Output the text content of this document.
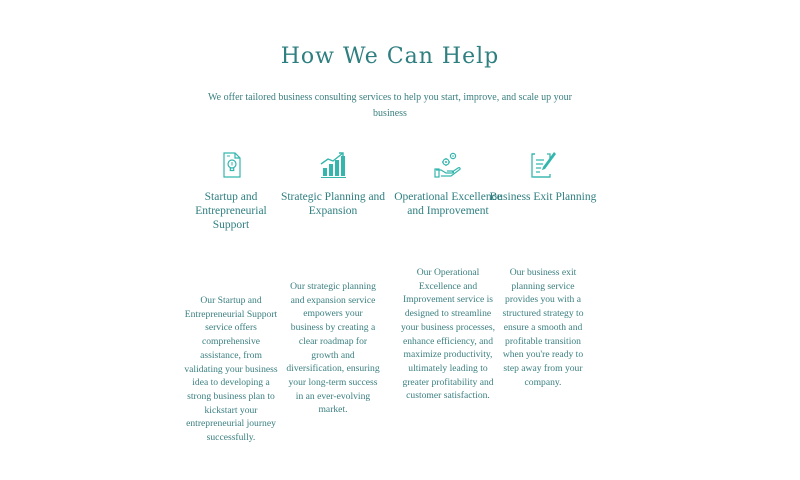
How We Can Help

We offer tailored business consulting services to help you start, improve, and scale up your business

Startup and Entrepreneurial Support
Our Startup and Entrepreneurial Support service offers comprehensive assistance, from validating your business idea to developing a strong business plan to kickstart your entrepreneurial journey successfully.
Strategic Planning and Expansion
Our strategic planning and expansion service empowers your business by creating a clear roadmap for growth and diversification, ensuring your long-term success in an ever-evolving market.
Operational Excellence and Improvement
Our Operational Excellence and Improvement service is designed to streamline your business processes, enhance efficiency, and maximize productivity, ultimately leading to greater profitability and customer satisfaction.
Business Exit Planning
Our business exit planning service provides you with a structured strategy to ensure a smooth and profitable transition when you're ready to step away from your company.
